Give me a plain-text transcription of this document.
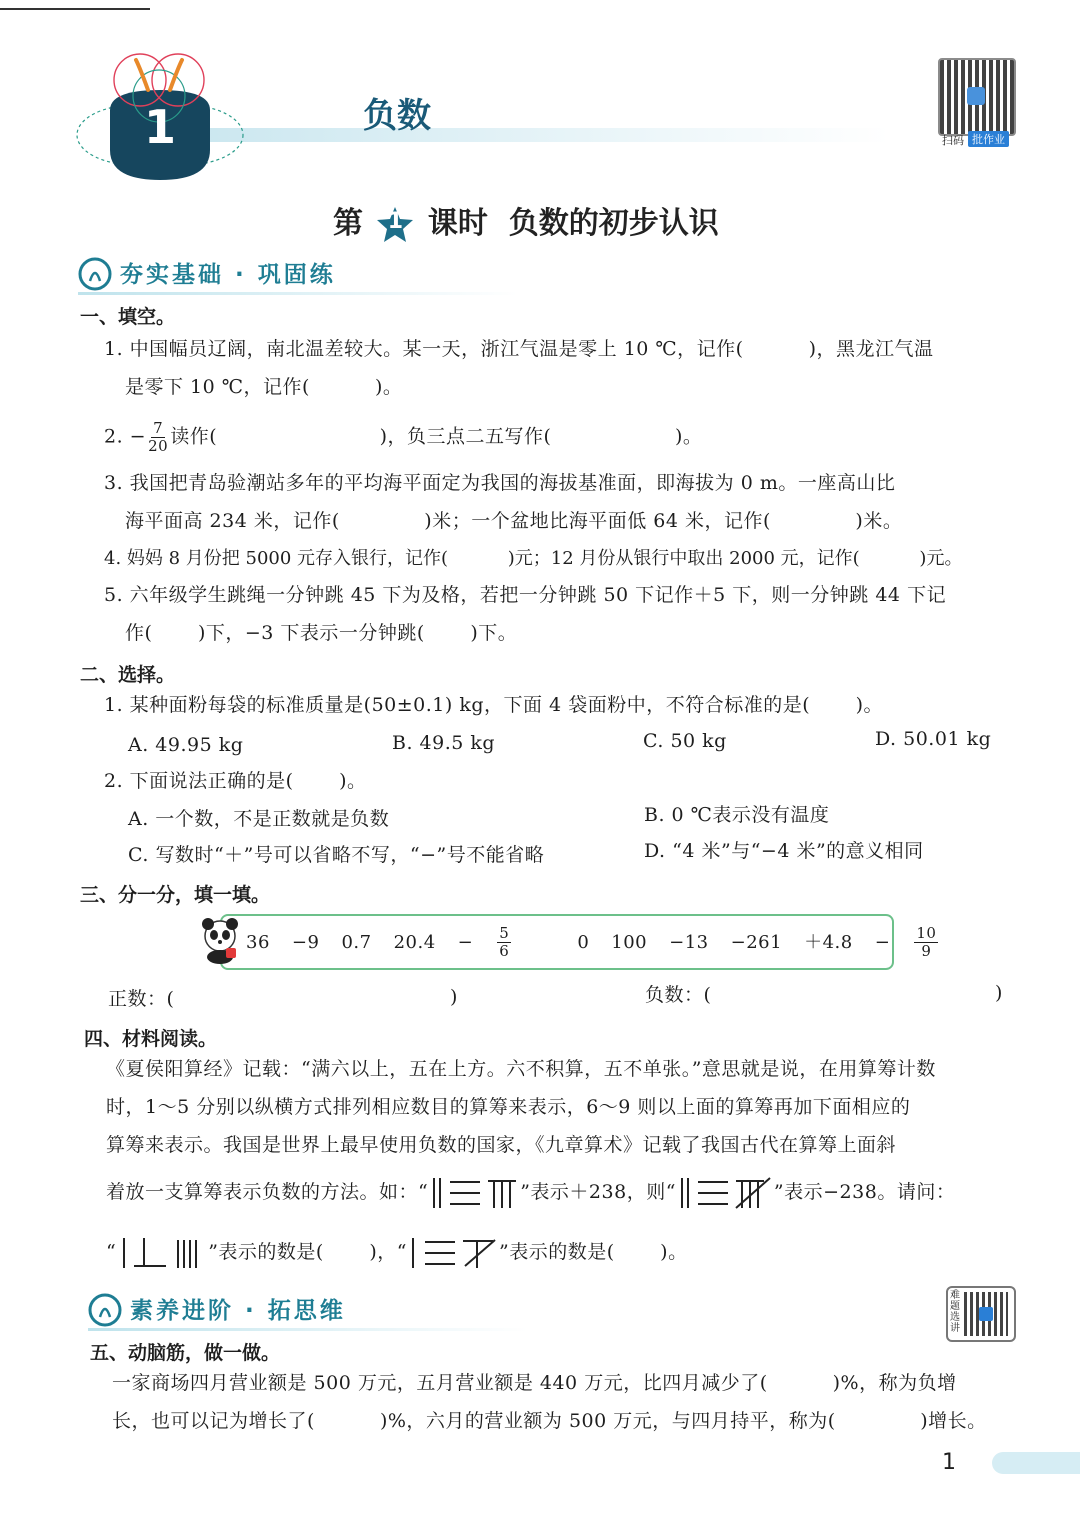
1	负数
扫码 批作业
第	1 课时  负数的初步认识
夯实基础 · 巩固练
一、填空。
1. 中国幅员辽阔，南北温差较大。某一天，浙江气温是零上 10 ℃，记作(　　　 )，黑龙江气温
是零下 10 ℃，记作(　　　 )。
2. − $\frac{7}{20}$ 读作(　　　　　　　　 )，负三点二五写作(　　　　　　 )。
3. 我国把青岛验潮站多年的平均海平面定为我国的海拔基准面，即海拔为 0 m。一座高山比
海平面高 234 米，记作(　　　　 )米；一个盆地比海平面低 64 米，记作(　　　　 )米。
4. 妈妈 8 月份把 5000 元存入银行，记作(　　　 )元；12 月份从银行中取出 2000 元，记作(　　　 )元。
5. 六年级学生跳绳一分钟跳 45 下为及格，若把一分钟跳 50 下记作＋5 下，则一分钟跳 44 下记
作(　　 )下，−3 下表示一分钟跳(　　 )下。
二、选择。
1. 某种面粉每袋的标准质量是(50±0.1) kg，下面 4 袋面粉中，不符合标准的是(　　 )。
A. 49.95 kg	B. 49.5 kg	C. 50 kg	D. 50.01 kg
2. 下面说法正确的是(　　 )。
A. 一个数，不是正数就是负数	B. 0 ℃表示没有温度
C. 写数时“＋”号可以省略不写，“−”号不能省略	D. “4 米”与“−4 米”的意义相同
三、分一分，填一填。
36 −9 0.7 $20.4 - \frac{5}{6} 0$ $100 -13 -261 +4.8 - \frac{10}{9}$
正数：(	)	负数：(	)
四、材料阅读。
《夏侯阳算经》记载：“满六以上，五在上方。六不积算，五不单张。”意思就是说，在用算筹计数
时，1～5 分别以纵横方式排列相应数目的算筹来表示，6～9 则以上面的算筹再加下面相应的
算筹来表示。我国是世界上最早使用负数的国家，《九章算术》记载了我国古代在算筹上面斜
着放一支算筹表示负数的方法。如：“	”表示＋238，则“	”表示−238。请问：
“	”表示的数是(　　 )，“	”表示的数是(　　 )。
素养进阶 · 拓思维
难题选讲
五、动脑筋，做一做。
一家商场四月营业额是 500 万元，五月营业额是 440 万元，比四月减少了(　　　 )%，称为负增
长，也可以记为增长了(　　　 )%，六月的营业额为 500 万元，与四月持平，称为(　　　　 )增长。
1
